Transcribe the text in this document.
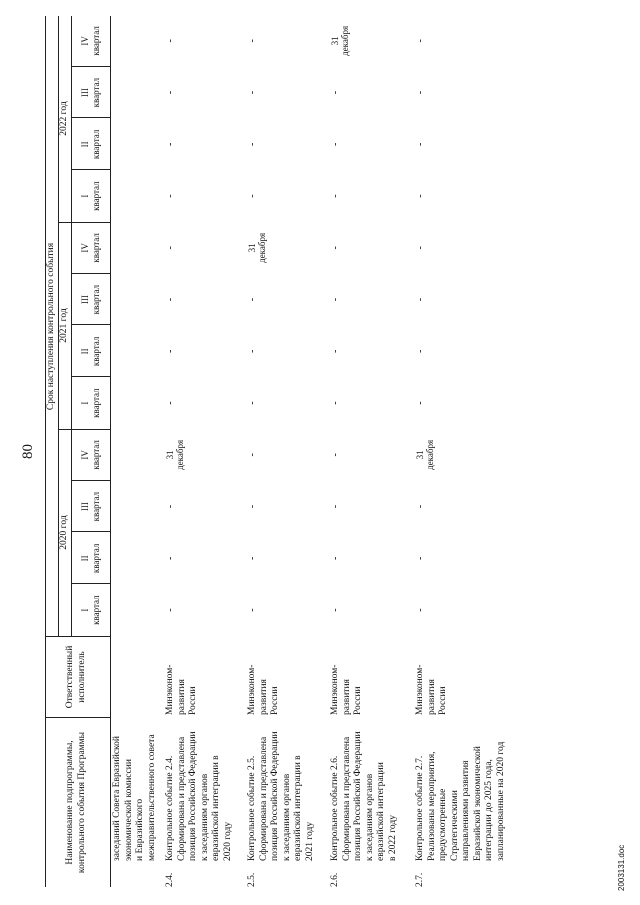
80
Наименование подпрограммы,
контрольного события Программы
Ответственный
исполнитель
Срок наступления контрольного события
2020 год
2021 год
2022 год
I
квартал
II
квартал
III
квартал
IV
квартал
I
квартал
II
квартал
III
квартал
IV
квартал
I
квартал
II
квартал
III
квартал
IV
квартал
заседаний Совета Евразийской
экономической комиссии
и Евразийского
межправительственного совета
2.4.
Контрольное событие 2.4.
Сформирована и представлена
позиция Российской Федерации
к заседаниям органов
евразийской интеграции в
2020 году
Минэконом-
развития
России
2.5.
Контрольное событие 2.5.
Сформирована и представлена
позиция Российской Федерации
к заседаниям органов
евразийской интеграции в
2021 году
Минэконом-
развития
России
2.6.
Контрольное событие 2.6.
Сформирована и представлена
позиция Российской Федерации
к заседаниям органов
евразийской интеграции
в 2022 году
Минэконом-
развития
России
2.7.
Контрольное событие 2.7.
Реализованы мероприятия,
предусмотренные
Стратегическими
направлениями развития
Евразийской экономической
интеграции до 2025 года,
запланированные на 2020 год
Минэконом-
развития
России
-
-
-
31
декабря
-
-
-
-
-
-
-
-
-
-
-
-
-
-
-
31
декабря
-
-
-
-
-
-
-
-
-
-
-
-
-
-
-
31
декабря
-
-
-
31
декабря
-
-
-
-
-
-
-
-
2003131.doc
